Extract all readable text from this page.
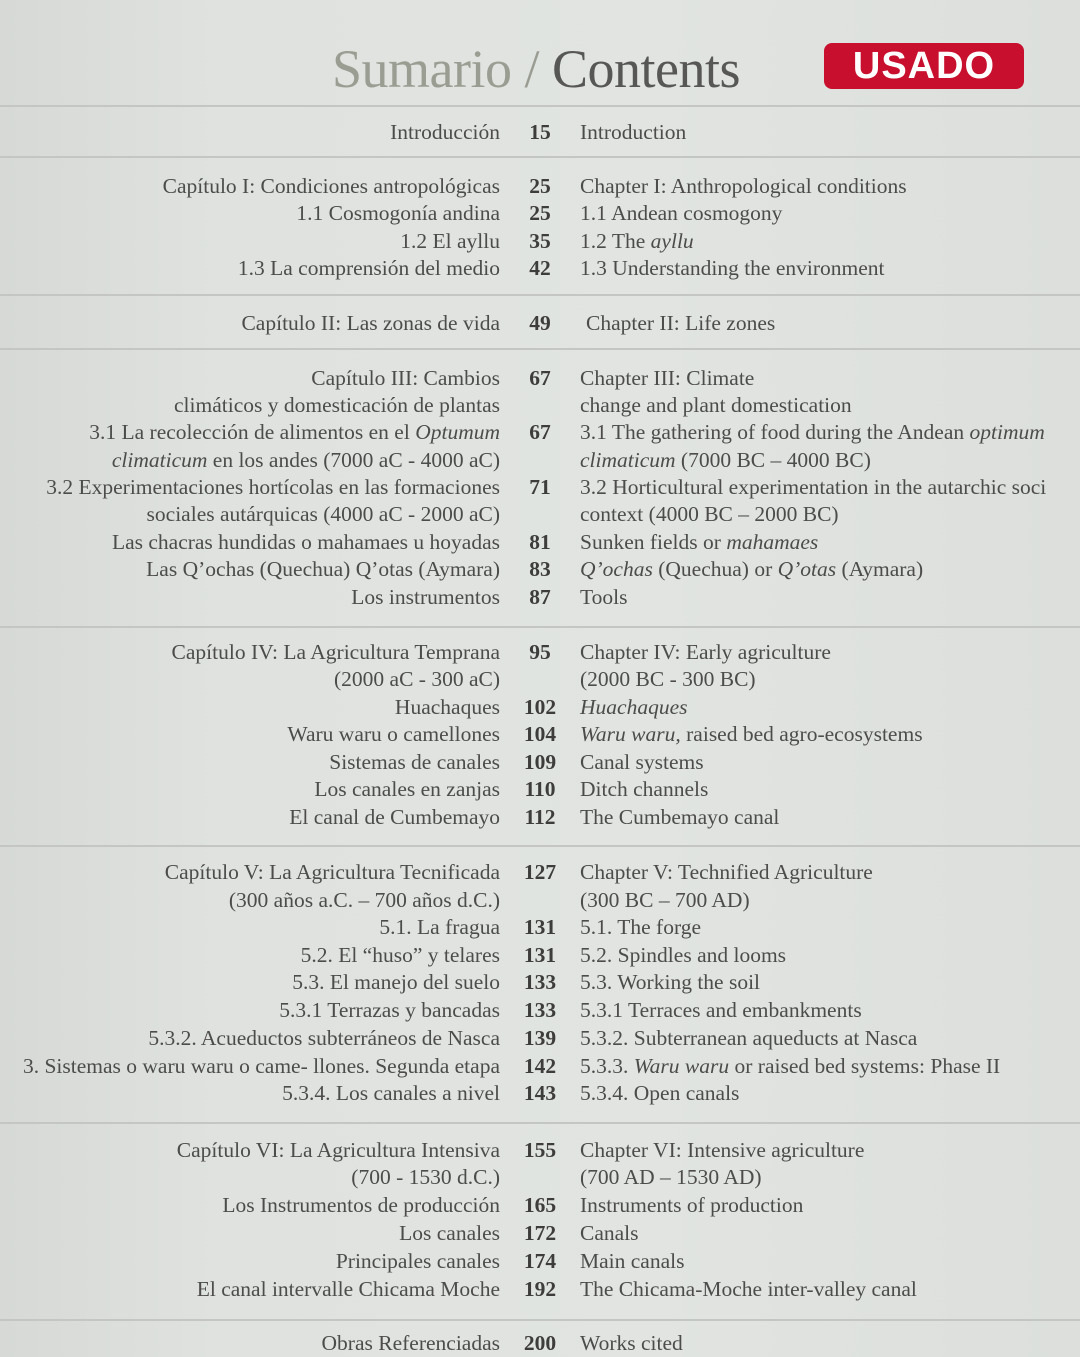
Sumario / Contents	USADO
Introducción	15	Introduction
Capítulo I: Condiciones antropológicas	25	Chapter I: Anthropological conditions
1.1 Cosmogonía andina	25	1.1 Andean cosmogony
1.2 El ayllu	35	1.2 The ayllu
1.3 La comprensión del medio	42	1.3 Understanding the environment
Capítulo II: Las zonas de vida	49	Chapter II: Life zones
Capítulo III: Cambios	67	Chapter III: Climate
climáticos y domesticación de plantas	change and plant domestication
3.1 La recolección de alimentos en el Optumum	67	3.1 The gathering of food during the Andean optimum
climaticum en los andes (7000 aC - 4000 aC)	climaticum (7000 BC – 4000 BC)
3.2 Experimentaciones hortícolas en las formaciones	71	3.2 Horticultural experimentation in the autarchic soci
sociales autárquicas (4000 aC - 2000 aC)	context (4000 BC – 2000 BC)
Las chacras hundidas o mahamaes u hoyadas	81	Sunken fields or mahamaes
Las Q’ochas (Quechua) Q’otas (Aymara)	83	Q’ochas (Quechua) or Q’otas (Aymara)
Los instrumentos	87	Tools
Capítulo IV: La Agricultura Temprana	95	Chapter IV: Early agriculture
(2000 aC - 300 aC)	(2000 BC - 300 BC)
Huachaques	102	Huachaques
Waru waru o camellones	104	Waru waru, raised bed agro-ecosystems
Sistemas de canales	109	Canal systems
Los canales en zanjas	110	Ditch channels
El canal de Cumbemayo	112	The Cumbemayo canal
Capítulo V: La Agricultura Tecnificada	127	Chapter V: Technified Agriculture
(300 años a.C. – 700 años d.C.)	(300 BC – 700 AD)
5.1. La fragua	131	5.1. The forge
5.2. El “huso” y telares	131	5.2. Spindles and looms
5.3. El manejo del suelo	133	5.3. Working the soil
5.3.1 Terrazas y bancadas	133	5.3.1 Terraces and embankments
5.3.2. Acueductos subterráneos de Nasca	139	5.3.2. Subterranean aqueducts at Nasca
3. Sistemas o waru waru o came- llones. Segunda etapa	142	5.3.3. Waru waru or raised bed systems: Phase II
5.3.4. Los canales a nivel	143	5.3.4. Open canals
Capítulo VI: La Agricultura Intensiva	155	Chapter VI: Intensive agriculture
(700 - 1530 d.C.)	(700 AD – 1530 AD)
Los Instrumentos de producción	165	Instruments of production
Los canales	172	Canals
Principales canales	174	Main canals
El canal intervalle Chicama Moche	192	The Chicama-Moche inter-valley canal
Obras Referenciadas	200	Works cited
